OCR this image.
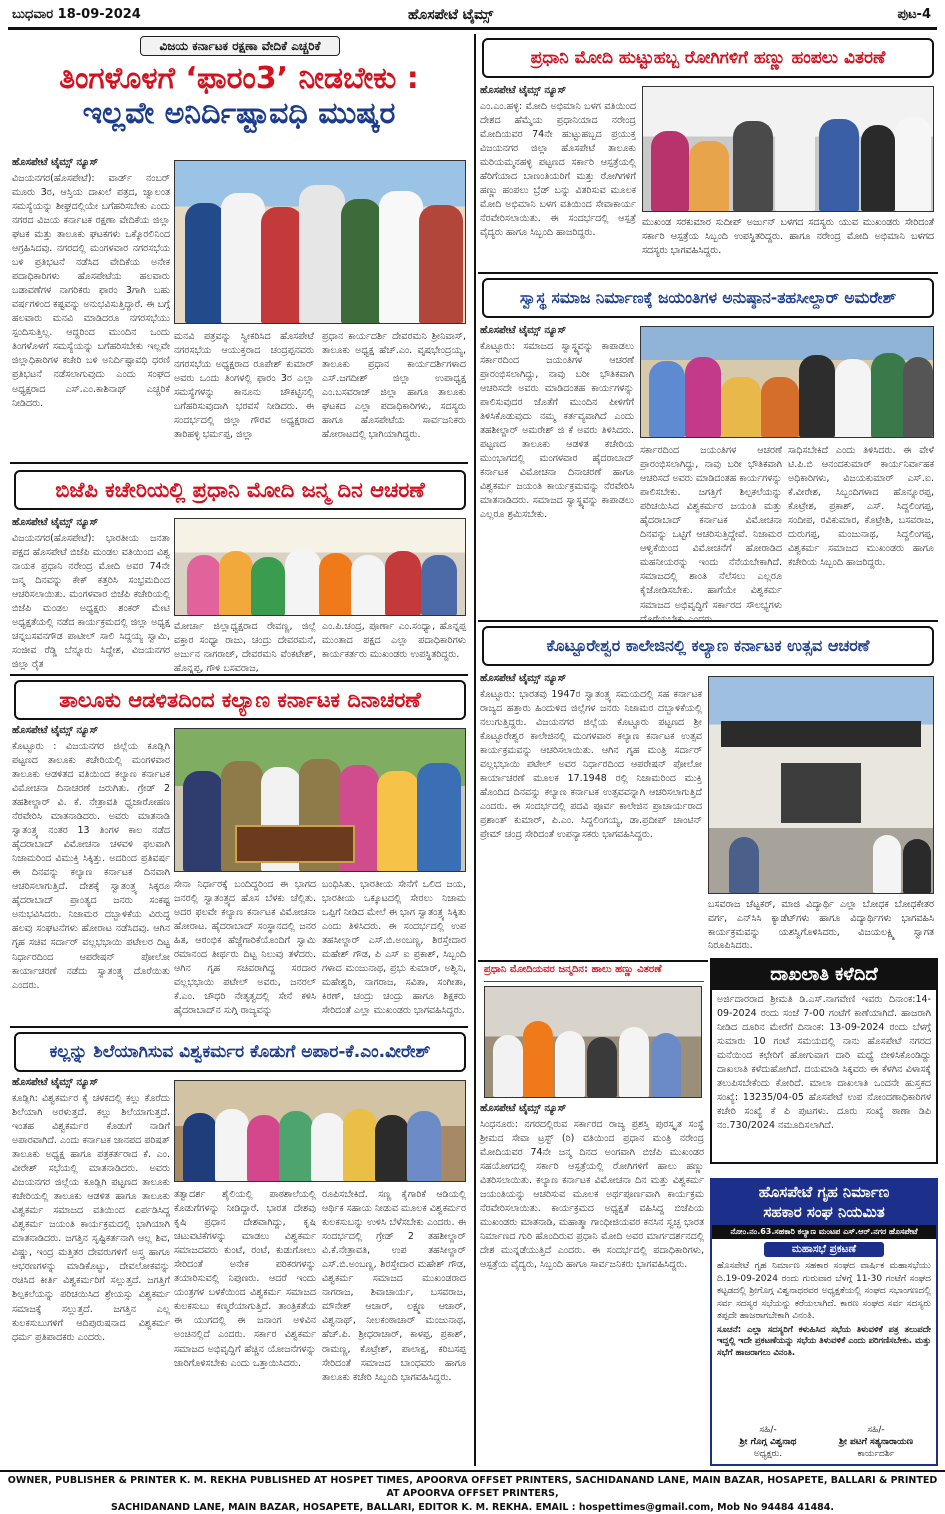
ಬುಧವಾರ 18-09-2024	ಹೊಸಪೇಟೆ ಟೈಮ್ಸ್	ಪುಟ-4
ವಿಜಯ ಕರ್ನಾಟಕ ರಕ್ಷಣಾ ವೇದಿಕೆ ಎಚ್ಚರಿಕೆ
ತಿಂಗಳೊಳಗೆ ‘ಫಾರಂ3’ ನೀಡಬೇಕು :
ಇಲ್ಲವೇ ಅನಿರ್ದಿಷ್ಟಾವಧಿ ಮುಷ್ಕರ
ಹೊಸಪೇಟೆ ಟೈಮ್ಸ್ ನ್ಯೂಸ್
ವಿಜಯನಗರ(ಹೊಸಪೇಟೆ): ವಾರ್ಡ್ ನಂಬರ್ ಮೂರು 3ರ, ಆಸ್ತಿಯ ದಾಖಲೆ ಪತ್ರದ, ಜ್ವಾಲಂತ ಸಮಸ್ಯೆಯನ್ನು ಶೀಘ್ರದಲ್ಲಿಯೇ ಬಗೆಹರಿಸಬೇಕು ಎಂದು ನಗರದ ವಿಜಯ ಕರ್ನಾಟಕ ರಕ್ಷಣಾ ವೇದಿಕೆಯ ಜಿಲ್ಲಾ ಘಟಕ ಮತ್ತು ತಾಲೂಕು ಘಟಕಗಳು ಒಕ್ಕೊರಲಿನಿಂದ ಆಗ್ರಹಿಸಿದವು. ನಗರದಲ್ಲಿ ಮಂಗಳವಾರ ನಗರಸಭೆಯ ಬಳಿ ಪ್ರತಿಭಟನೆ ನಡೆಸಿದ ವೇದಿಕೆಯ ಅನೇಕ ಪದಾಧಿಕಾರಿಗಳು ಹೊಸಪೇಟೆಯ ಹಲವಾರು ಬಡಾವಣೆಗಳ ನಾಗರಿಕರು ಫಾರಂ 3ಗಾಗಿ ಬಹು ವರ್ಷಗಳಿಂದ ಕಷ್ಟವನ್ನು ಅನುಭವಿಸುತ್ತಿದ್ದಾರೆ. ಈ ಬಗ್ಗೆ ಹಲವಾರು ಮನವಿ ಮಾಡಿದರೂ ನಗರಸಭೆಯು ಸ್ಪಂದಿಸುತ್ತಿಲ್ಲ. ಆದ್ದರಿಂದ ಮುಂದಿನ ಒಂದು ತಿಂಗಳೊಳಗೆ ಸಮಸ್ಯೆಯನ್ನು ಬಗೆಹರಿಸಬೇಕು ಇಲ್ಲವೇ ಜಿಲ್ಲಾಧಿಕಾರಿಗಳ ಕಚೇರಿ ಬಳಿ ಅನಿರ್ದಿಷ್ಟಾವಧಿ ಧರಣಿ ಪ್ರತಿಭಟನೆ ನಡೆಸಲಾಗುವುದು ಎಂದು ಸಂಘದ ಅಧ್ಯಕ್ಷರಾದ ಎಸ್.ಎಂ.ಕಾಶಿನಾಥ್ ಎಚ್ಚರಿಕೆ ನೀಡಿದರು.
ಮನವಿ ಪತ್ರವನ್ನು ಸ್ವೀಕರಿಸಿದ ಹೊಸಪೇಟೆ ನಗರಸಭೆಯ ಆಯುಕ್ತರಾದ ಚಂದ್ರಪ್ಪನವರು ನಗರಸಭೆಯ ಅಧ್ಯಕ್ಷರಾದ ರೂಪೇಶ್ ಕುಮಾರ್ ಅವರು ಒಂದು ತಿಂಗಳಲ್ಲಿ ಫಾರಂ 3ರ ಎಲ್ಲಾ ಸಮಸ್ಯೆಗಳನ್ನು ಕಾನೂನು ಚೌಕಟ್ಟಿನಲ್ಲಿ ಬಗೆಹರಿಸುವುದಾಗಿ ಭರವಸೆ ನೀಡಿದರು. ಈ ಸಂದರ್ಭದಲ್ಲಿ ಜಿಲ್ಲಾ ಗೌರವ ಅಧ್ಯಕ್ಷರಾದ ತಾರಿಹಳ್ಳಿ ಭರ್ಮಪ್ಪ, ಜಿಲ್ಲಾ
ಪ್ರಧಾನ ಕಾರ್ಯದರ್ಶಿ ದೇವರಮನಿ ಶ್ರೀನಿವಾಸ್, ತಾಲೂಕು ಅಧ್ಯಕ್ಷ ಹೆಚ್.ಎಂ. ವೃಷಭೇಂದ್ರಯ್ಯ, ತಾಲೂಕು ಪ್ರಧಾನ ಕಾರ್ಯದರ್ಶಿಗಳಾದ ಎಸ್.ಜಗದೀಶ್ ಜಿಲ್ಲಾ ಉಪಾಧ್ಯಕ್ಷ ಎಂ.ಬಸವರಾಜ್ ಜಿಲ್ಲಾ ಹಾಗೂ ತಾಲೂಕು ಘಟಕದ ಎಲ್ಲಾ ಪದಾಧಿಕಾರಿಗಳು, ಸದಸ್ಯರು ಹಾಗೂ ಹೊಸಪೇಟೆಯ ಸಾರ್ವಜನಿಕರು ಹೋರಾಟದಲ್ಲಿ ಭಾಗಿಯಾಗಿದ್ದರು.
ಬಿಜೆಪಿ ಕಚೇರಿಯಲ್ಲಿ ಪ್ರಧಾನಿ ಮೋದಿ ಜನ್ಮ ದಿನ ಆಚರಣೆ
ಹೊಸಪೇಟೆ ಟೈಮ್ಸ್ ನ್ಯೂಸ್
ವಿಜಯನಗರ(ಹೊಸಪೇಟೆ): ಭಾರತೀಯ ಜನತಾ ಪಕ್ಷದ ಹೊಸಪೇಟೆ ಬಿಜೆಪಿ ಮಂಡಲ ವತಿಯಿಂದ ವಿಶ್ವ ನಾಯಕ ಪ್ರಧಾನಿ ನರೇಂದ್ರ ಮೋದಿ ಅವರ 74ನೇ ಜನ್ಮ ದಿನವನ್ನು ಕೇಕ್ ಕತ್ತರಿಸಿ ಸಂಭ್ರಮದಿಂದ ಆಚರಿಸಲಾಯಿತು. ಮಂಗಳವಾರ ಬಿಜೆಪಿ ಕಚೇರಿಯಲ್ಲಿ ಬಿಜೆಪಿ ಮಂಡಲ ಅಧ್ಯಕ್ಷರು ಶಂಕರ್ ಮೇಟಿ ಅಧ್ಯಕ್ಷತೆಯಲ್ಲಿ ನಡೆದ ಕಾರ್ಯಕ್ರಮದಲ್ಲಿ ಜಿಲ್ಲಾ ಅಧ್ಯಕ್ಷ ಚನ್ನಬಸವನಗೌಡ ಪಾಟೀಲ್ ಸಾಲಿ ಸಿದ್ದಯ್ಯ ಸ್ವಾಮಿ, ಸಂಜೀವ ರೆಡ್ಡಿ ಬೆನ್ನೂರು ಸಿದ್ದೇಶ, ವಿಜಯನಗರ ಜಿಲ್ಲಾ ರೈತ
ಮೋರ್ಚಾ ಜಿಲ್ಲಾಧ್ಯಕ್ಷರಾದ ರೇವಣ್ಣ, ಜಿಲ್ಲೆ ವಕ್ತಾರ ಸಂಧ್ಯಾ ರಾಜು, ಚಂದ್ರು ದೇವರಮನೆ, ಅರ್ಜುನ ನಾಗರಾಜ್, ದೇವರಮನಿ ವೆಂಕಟೇಶ್, ಹೊನ್ನಪ್ಪ, ಗೌಳಿ ಬಸವರಾಜ,
ಎಂ.ಪಿ.ಚಂದ್ರ, ಪೂರ್ಣಾ ಎಂ.ಸಂಧ್ಯಾ, ಹೊನ್ನಪ್ಪ ಮುಂತಾದ ಪಕ್ಷದ ಎಲ್ಲಾ ಪದಾಧಿಕಾರಿಗಳು ಕಾರ್ಯಕರ್ತರು ಮುಖಂಡರು ಉಪಸ್ಥಿತರಿದ್ದರು.
ತಾಲೂಕು ಆಡಳಿತದಿಂದ ಕಲ್ಯಾಣ ಕರ್ನಾಟಕ ದಿನಾಚರಣೆ
ಹೊಸಪೇಟೆ ಟೈಮ್ಸ್ ನ್ಯೂಸ್
ಕೊಟ್ಟೂರು : ವಿಜಯನಗರ ಜಿಲ್ಲೆಯ ಕೂಡ್ಲಿಗಿ ಪಟ್ಟಣದ ತಾಲೂಕು ಕಚೇರಿಯಲ್ಲಿ ಮಂಗಳವಾರ ತಾಲೂಕು ಆಡಳಿತದ ವತಿಯಿಂದ ಕಲ್ಯಾಣ ಕರ್ನಾಟಕ ವಿಮೋಚನಾ ದಿನಾಚರಣೆ ಜರುಗಿತು. ಗ್ರೇಡ್ 2 ತಹಶೀಲ್ದಾರ್ ವಿ. ಕೆ. ನೇತ್ರಾವತಿ ಧ್ವಜಾರೋಹಣ ನೆರವೇರಿಸಿ ಮಾತನಾಡಿದರು. ಅವರು ಮಾತನಾಡಿ ಸ್ವಾತಂತ್ರ್ಯ ನಂತರ 13 ತಿಂಗಳ ಕಾಲ ನಡೆದ ಹೈದರಾಬಾದ್ ವಿಮೋಚನಾ ಚಳವಳಿ ಫಲವಾಗಿ ನಿಜಾಮರಿಂದ ವಿಮುಕ್ತಿ ಸಿಕ್ಕಿತ್ತು. ಅದರಿಂದ ಪ್ರತಿವರ್ಷ ಈ ದಿನವನ್ನು ಕಲ್ಯಾಣ ಕರ್ನಾಟಕ ದಿನವಾಗಿ ಆಚರಿಸಲಾಗುತ್ತಿದೆ. ದೇಶಕ್ಕೆ ಸ್ವಾತಂತ್ರ್ಯ ಸಿಕ್ಕರೂ ಹೈದರಾಬಾದ್ ಪ್ರಾಂತ್ಯದ ಜನರು ಸಂಕಷ್ಟ ಅನುಭವಿಸಿದರು. ನಿಜಾಮರ ದಬ್ಬಾಳಿಕೆಯ ವಿರುದ್ಧ ಹಲವು ಸಂಘಟನೆಗಳು ಹೋರಾಟ ನಡೆಸಿದವು. ಆಗಿನ ಗೃಹ ಸಚಿವ ಸರ್ದಾರ್ ವಲ್ಲಭಭಾಯಿ ಪಟೇಲರ ದಿಟ್ಟ ನಿರ್ಧಾರದಿಂದ ಆಪರೇಷನ್ ಪೋಲೋ ಕಾರ್ಯಾಚರಣೆ ನಡೆದು ಸ್ವಾತಂತ್ರ್ಯ ದೊರೆಯಿತು ಎಂದರು.
ಸೇನಾ ನಿರ್ಧಾರಕ್ಕೆ ಬಂದಿದ್ದರಿಂದ ಈ ಭಾಗದ ಜನರಲ್ಲಿ ಸ್ವಾತಂತ್ರ್ಯದ ಹೊಸ ಬೆಳಕು ಚೆಲ್ಲಿತು. ಅದರ ಫಲವೇ ಕಲ್ಯಾಣ ಕರ್ನಾಟಕ ವಿಮೋಚನಾ ಹೋರಾಟ. ಹೈದರಾಬಾದ್ ಸಂಸ್ಥಾನದಲ್ಲಿ ಜನರ ಹಿತ, ಆರಂಭಿಕ ಹೆಜ್ಜೆಗಾರಿಕೆಯೊಂದಿಗೆ ಸ್ವಾಮಿ ರಮಾನಂದ ತೀರ್ಥರು ದಿಟ್ಟ ನಿಲುವು ತಳೆದರು. ಆಗಿನ ಗೃಹ ಸಚಿವರಾಗಿದ್ದ ಸರದಾರ ವಲ್ಲಭಭಾಯಿ ಪಟೇಲ್ ಅವರು, ಜನರಲ್ ಕೆ.ಎಂ. ಚೌಧರಿ ನೇತೃತ್ವದಲ್ಲಿ ಸೇನೆ ಕಳಿಸಿ ಹೈದರಾಬಾದ್‌ನ ಸುಗ್ಗಿ ರಾಜ್ಯವನ್ನು
ಬಂಧಿಸಿತು. ಭಾರತೀಯ ಸೇನೆಗೆ ಒಲಿದ ಜಯ, ಭಾರತೀಯ ಒಕ್ಕೂಟದಲ್ಲಿ ಸೇರಲು ನಿಜಾಮ ಒಪ್ಪಿಗೆ ನೀಡಿದ ಮೇಲೆ ಈ ಭಾಗ ಸ್ವಾತಂತ್ರ್ಯ ಸಿಕ್ಕಿತು ಎಂದು ತಿಳಿಸಿದರು. ಈ ಸಂದರ್ಭದಲ್ಲಿ ಉಪ ತಹಸೀಲ್ದಾರ್ ಎಸ್.ಬಿ.ಅಂಬಣ್ಣ, ಶಿರಸ್ತೇದಾರ ಮಹೇಶ್ ಗೌಡ, ಪಿ ಎಸ್ ಐ ಪ್ರಕಾಶ್, ಸಿಬ್ಬಂದಿ ಗಳಾದ ಮಂಜುನಾಥ, ಪ್ರಭು ಕುಮಾರ್, ಅಶ್ವಿನಿ, ಮಹೇಶ್ವರಿ, ನಾಗರಾಜ, ಸವಿತಾ, ಸಂಗೀತಾ, ಕಿರಣ್, ಚಂದ್ರು ಚಂದ್ರು ಹಾಗೂ ಶಿಕ್ಷಕರು ಸೇರಿದಂತೆ ಎಲ್ಲಾ ಮುಖಂಡರು ಭಾಗವಹಿಸಿದ್ದರು.
ಕಲ್ಲನ್ನು ಶಿಲೆಯಾಗಿಸುವ ವಿಶ್ವಕರ್ಮರ ಕೊಡುಗೆ ಅಪಾರ-ಕೆ.ಎಂ.ವೀರೇಶ್
ಹೊಸಪೇಟೆ ಟೈಮ್ಸ್ ನ್ಯೂಸ್
ಕೂಡ್ಲಿಗಿ: ವಿಶ್ವಕರ್ಮರ ಕೈ ಚಳಕದಲ್ಲಿ ಕಲ್ಲು ಕೊರೆದು ಶಿಲೆಯಾಗಿ ಅರಳುತ್ತದೆ. ಕಲ್ಲು ಶಿಲೆಯಾಗುತ್ತದೆ. ಇಂತಹ ವಿಶ್ವಕರ್ಮರ ಕೊಡುಗೆ ನಾಡಿಗೆ ಅಪಾರವಾಗಿದೆ. ಎಂದು ಕರ್ನಾಟಕ ಜಾನಪದ ಪರಿಷತ್ ತಾಲೂಕು ಅಧ್ಯಕ್ಷ ಹಾಗೂ ಪತ್ರಕರ್ತರಾದ ಕೆ. ಎಂ. ವೀರೇಶ್ ಸಭೆಯಲ್ಲಿ ಮಾತನಾಡಿದರು. ಅವರು ವಿಜಯನಗರ ಜಿಲ್ಲೆಯ ಕೂಡ್ಲಿಗಿ ಪಟ್ಟಣದ ತಾಲೂಕು ಕಚೇರಿಯಲ್ಲಿ ತಾಲೂಕು ಆಡಳಿತ ಹಾಗೂ ತಾಲೂಕು ವಿಶ್ವಕರ್ಮ ಸಮಾಜದ ವತಿಯಿಂದ ಏರ್ಪಡಿಸಿದ್ದ ವಿಶ್ವಕರ್ಮ ಜಯಂತಿ ಕಾರ್ಯಕ್ರಮದಲ್ಲಿ ಭಾಗಿಯಾಗಿ ಮಾತನಾಡಿದರು. ಜಗತ್ತಿನ ಸೃಷ್ಟಿಕರ್ತನಾಗಿ ಆಲ್ಲ ಶಿವ, ವಿಷ್ಣು, ಇಂದ್ರ ಮತ್ತಿತರ ದೇವರುಗಳಿಗೆ ಅಸ್ತ್ರ ಹಾಗೂ ಆಭರಣಗಳನ್ನು ಮಾಡಿಕೊಟ್ಟು, ದೇವಲೋಕವನ್ನು ರಚಿಸಿದ ಕೀರ್ತಿ ವಿಶ್ವಕರ್ಮರಿಗೆ ಸಲ್ಲುತ್ತದೆ. ಜಗತ್ತಿಗೆ ಶಿಲ್ಪಕಲೆಯನ್ನು ಪರಿಚಯಿಸಿದ ಶ್ರೇಯಸ್ಸು ವಿಶ್ವಕರ್ಮ ಸಮಾಜಕ್ಕೆ ಸಲ್ಲುತ್ತದೆ. ಜಗತ್ತಿನ ಎಲ್ಲ ಕುಲಕಸುಬುಗಳಿಗೆ ಆದಿಪುರುಷನಾದ ವಿಶ್ವಕರ್ಮ ಧರ್ಮ ಪ್ರತಿಪಾದಕರು ಎಂದರು.
ತತ್ವಾದರ್ಶ ಶೈಲಿಯಲ್ಲಿ ಪಾಠಶಾಲೆಯಲ್ಲಿ ಕೊಡುಗೆಗಳನ್ನು ನೀಡಿದ್ದಾರೆ. ಭಾರತ ದೇಶವು ಕೃಷಿ ಪ್ರಧಾನ ದೇಶವಾಗಿದ್ದು, ಕೃಷಿ ಚಟುವಟಿಕೆಗಳನ್ನು ಮಾಡಲು ವಿಶ್ವಕರ್ಮ ಸಮಾಜದವರು ಕುಂಟೆ, ರಂಟೆ, ಕುಡುಗೋಲು ಸೇರಿದಂತೆ ಅನೇಕ ಪರಿಕರಗಳನ್ನು ತಯಾರಿಸುವಲ್ಲಿ ನಿಪುಣರು. ಆದರೆ ಇಂದು ಯಂತ್ರಗಳ ಬಳಕೆಯಿಂದ ವಿಶ್ವಕರ್ಮ ಸಮಾಜದ ಕುಲಕಸುಬು ಕಣ್ಮರೆಯಾಗುತ್ತಿದೆ. ತಾಂತ್ರಿಕತೆಯ ಈ ಯುಗದಲ್ಲಿ ಈ ಜನಾಂಗ ಅಳಿವಿನ ಅಂಚಿನಲ್ಲಿದೆ ಎಂದರು. ಸರ್ಕಾರ ವಿಶ್ವಕರ್ಮ ಸಮಾಜದ ಅಭಿವೃದ್ಧಿಗೆ ಹೆಚ್ಚಿನ ಯೋಜನೆಗಳನ್ನು ಜಾರಿಗೊಳಿಸಬೇಕು ಎಂದು ಒತ್ತಾಯಿಸಿದರು.
ರೂಪಿಸಬೇಕಿದೆ. ಸಣ್ಣ ಕೈಗಾರಿಕೆ ಆಡಿಯಲ್ಲಿ ಆರ್ಥಿಕ ಸಹಾಯ ನೀಡುವ ಮೂಲಕ ವಿಶ್ವಕರ್ಮರ ಕುಲಕಸುಬನ್ನು ಉಳಿಸಿ ಬೆಳೆಸಬೇಕು ಎಂದರು. ಈ ಸಂದರ್ಭದಲ್ಲಿ ಗ್ರೇಡ್ 2 ತಹಶೀಲ್ದಾರ್ ವಿ.ಕೆ.ನೇತ್ರಾವತಿ, ಉಪ ತಹಸೀಲ್ದಾರ್ ಎಸ್.ಬಿ.ಅಂಬಣ್ಣ, ಶಿರಸ್ತೇದಾರ ಮಹೇಶ್ ಗೌಡ, ವಿಶ್ವಕರ್ಮ ಸಮಾಜದ ಮುಖಂಡರಾದ ನಾಗರಾಜ, ಶಿವಾಚಾರ್ಯ, ಬಸವರಾಜ, ಮೌನೇಶ್ ಆಚಾರ್, ಲಕ್ಷ್ಮಣ ಆಚಾರ್, ವಿಶ್ವನಾಥ್, ನೀಲಕಂಠಾಚಾರ್ ಮಂಜುನಾಥ, ಹೆಚ್.ಪಿ. ಶ್ರೀಧರಾಚಾರ್, ಕಾಳಪ್ಪ, ಪ್ರಕಾಶ್, ರಾಮಣ್ಣ, ಕೊಟ್ರೇಶ್, ಪಾಲಾಕ್ಷ, ಕರಿಬಸಪ್ಪ ಸೇರಿದಂತೆ ಸಮಾಜದ ಬಾಂಧವರು ಹಾಗೂ ತಾಲೂಕು ಕಚೇರಿ ಸಿಬ್ಬಂದಿ ಭಾಗವಹಿಸಿದ್ದರು.
ಪ್ರಧಾನಿ ಮೋದಿ ಹುಟ್ಟುಹಬ್ಬ ರೋಗಿಗಳಿಗೆ ಹಣ್ಣು ಹಂಪಲು ವಿತರಣೆ
ಹೊಸಪೇಟೆ ಟೈಮ್ಸ್ ನ್ಯೂಸ್
ಎಂ.ಎಂ.ಹಳ್ಳಿ: ಮೋದಿ ಅಭಿಮಾನಿ ಬಳಗ ವತಿಯಿಂದ ದೇಶದ ಹೆಮ್ಮೆಯ ಪ್ರಧಾನಿಯಾದ ನರೇಂದ್ರ ಮೋದಿಯವರ 74ನೇ ಹುಟ್ಟುಹಬ್ಬದ ಪ್ರಯುಕ್ತ ವಿಜಯನಗರ ಜಿಲ್ಲಾ ಹೊಸಪೇಟೆ ತಾಲೂಕು ಮರಿಯಮ್ಮನಹಳ್ಳಿ ಪಟ್ಟಣದ ಸರ್ಕಾರಿ ಆಸ್ಪತ್ರೆಯಲ್ಲಿ ಹೆರಿಗೆಯಾದ ಬಾಣಂತಿಯರಿಗೆ ಮತ್ತು ರೋಗಿಗಳಿಗೆ ಹಣ್ಣು ಹಂಪಲು ಬ್ರೆಡ್ ಬನ್ನು ವಿತರಿಸುವ ಮೂಲಕ ಮೋದಿ ಅಭಿಮಾನಿ ಬಳಗ ವತಿಯಿಂದ ಸೇವಾಕಾರ್ಯ ನೆರವೇರಿಸಲಾಯಿತು. ಈ ಸಂದರ್ಭದಲ್ಲಿ ಆಸ್ಪತ್ರೆ ವೈದ್ಯರು ಹಾಗೂ ಸಿಬ್ಬಂದಿ ಹಾಜರಿದ್ದರು.
ಮುಖಂಡ ಸರಕುಮಾರ ಸುದೀಪ್ ಅರ್ಜುನ್ ಬಳಗದ ಸದಸ್ಯರು ಯುವ ಮುಖಂಡರು ಸೇರಿದಂತೆ ಸರ್ಕಾರಿ ಆಸ್ಪತ್ರೆಯ ಸಿಬ್ಬಂದಿ ಉಪಸ್ಥಿತರಿದ್ದರು. ಹಾಗೂ ನರೇಂದ್ರ ಮೋದಿ ಅಭಿಮಾನಿ ಬಳಗದ ಸದಸ್ಯರು ಭಾಗವಹಿಸಿದ್ದರು.
ಸ್ವಾಸ್ಥ ಸಮಾಜ ನಿರ್ಮಾಣಕ್ಕೆ ಜಯಂತಿಗಳ ಅನುಷ್ಠಾನ-ತಹಸೀಲ್ದಾರ್ ಅಮರೇಶ್
ಹೊಸಪೇಟೆ ಟೈಮ್ಸ್ ನ್ಯೂಸ್
ಕೊಟ್ಟೂರು: ಸಮಾಜದ ಸ್ವಾಸ್ಥ್ಯವನ್ನು ಕಾಪಾಡಲು ಸರ್ಕಾರದಿಂದ ಜಯಂತಿಗಳ ಆಚರಣೆ ಪ್ರಾರಂಭಿಸಲಾಗಿದ್ದು, ನಾವು ಬರೀ ಭೌತಿಕವಾಗಿ ಆಚರಿಸದೇ ಅವರು ಮಾಡಿದಂತಹ ಕಾರ್ಯಗಳನ್ನು ಪಾಲಿಸುವುದರ ಜೊತೆಗೆ ಮುಂದಿನ ಪೀಳಿಗೆಗೆ ತಿಳಿಸಿಕೊಡುವುದು ನಮ್ಮ ಕರ್ತವ್ಯವಾಗಿದೆ ಎಂದು ತಹಶೀಲ್ದಾರ್ ಅಮರೇಶ್ ಜಿ ಕೆ ಅವರು ತಿಳಿಸಿದರು. ಪಟ್ಟಣದ ತಾಲೂಕು ಆಡಳಿತ ಕಚೇರಿಯ ಮುಂಭಾಗದಲ್ಲಿ ಮಂಗಳವಾರ ಹೈದರಾಬಾದ್ ಕರ್ನಾಟಕ ವಿಮೋಚನಾ ದಿನಾಚರಣೆ ಹಾಗೂ ವಿಶ್ವಕರ್ಮ ಜಯಂತಿ ಕಾರ್ಯಕ್ರಮವನ್ನು ನೆರವೇರಿಸಿ ಮಾತನಾಡಿದರು. ಸಮಾಜದ ಸ್ವಾಸ್ಥ್ಯವನ್ನು ಕಾಪಾಡಲು ಎಲ್ಲರೂ ಶ್ರಮಿಸಬೇಕು.
ಸರ್ಕಾರದಿಂದ ಜಯಂತಿಗಳ ಆಚರಣೆ ಪ್ರಾರಂಭಿಸಲಾಗಿದ್ದು, ನಾವು ಬರೀ ಭೌತಿಕವಾಗಿ ಆಚರಿಸದೆ ಅವರು ಮಾಡಿದಂತಹ ಕಾರ್ಯಗಳನ್ನು ಪಾಲಿಸಬೇಕು. ಜಗತ್ತಿಗೆ ಶಿಲ್ಪಕಲೆಯನ್ನು ಪರಿಚಯಿಸಿದ ವಿಶ್ವಕರ್ಮರ ಜಯಂತಿ ಮತ್ತು ಹೈದರಾಬಾದ್ ಕರ್ನಾಟಕ ವಿಮೋಚನಾ ದಿನವನ್ನು ಒಟ್ಟಿಗೆ ಆಚರಿಸುತ್ತಿದ್ದೇವೆ. ನಿಜಾಮರ ಆಳ್ವಿಕೆಯಿಂದ ವಿಮೋಚನೆಗೆ ಹೋರಾಡಿದ ಮಹನೀಯರನ್ನು ಇಂದು ನೆನೆಯಬೇಕಾಗಿದೆ. ಸಮಾಜದಲ್ಲಿ ಶಾಂತಿ ನೆಲೆಸಲು ಎಲ್ಲರೂ ಕೈಜೋಡಿಸಬೇಕು. ಹಾಗೆಯೇ ವಿಶ್ವಕರ್ಮ ಸಮಾಜದ ಅಭಿವೃದ್ಧಿಗೆ ಸರ್ಕಾರದ ಸೌಲಭ್ಯಗಳು
ಸಾಧಿಸಬೇಕಿದೆ ಎಂದು ತಿಳಿಸಿದರು. ಈ ವೇಳೆ ಟಿ.ಪಿ.ಬಿ ಆನಂದಕುಮಾರ್ ಕಾರ್ಯನಿರ್ವಾಹಕ ಅಧಿಕಾರಿಗಳು, ವಿಜಯಕುಮಾರ್ ಎಸ್.ಐ. ಕೆ.ವೀರೇಶ, ಸಿಬ್ಬಂದಿಗಳಾದ ಹೊನ್ನೂರಪ್ಪ, ಕೊಟ್ರೇಶ, ಪ್ರಕಾಶ್, ಎಸ್. ಸಿದ್ದಲಿಂಗಪ್ಪ, ಸಂದೀಪ, ರವಿಕುಮಾರ, ಕೊಟ್ರೇಶಿ, ಬಸವರಾಜ, ದುರುಗಪ್ಪ, ಮಂಜುನಾಥ, ಸಿದ್ದಲಿಂಗಪ್ಪ, ವಿಶ್ವಕರ್ಮ ಸಮಾಜದ ಮುಖಂಡರು ಹಾಗೂ ಕಚೇರಿಯ ಸಿಬ್ಬಂದಿ ಹಾಜರಿದ್ದರು.
ಕೊಟ್ಟೂರೇಶ್ವರ ಕಾಲೇಜಿನಲ್ಲಿ ಕಲ್ಯಾಣ ಕರ್ನಾಟಕ ಉತ್ಸವ ಆಚರಣೆ
ಹೊಸಪೇಟೆ ಟೈಮ್ಸ್ ನ್ಯೂಸ್
ಕೊಟ್ಟೂರು: ಭಾರತವು 1947ರ ಸ್ವಾತಂತ್ರ್ಯ ಸಮಯದಲ್ಲಿ ಸಹ ಕರ್ನಾಟಕ ರಾಜ್ಯದ ಹತ್ತಾರು ಹಿಂದುಳಿದ ಜಿಲ್ಲೆಗಳ ಜನರು ನಿಜಾಮರ ದಬ್ಬಾಳಿಕೆಯಲ್ಲಿ ನಲುಗುತ್ತಿದ್ದರು. ವಿಜಯನಗರ ಜಿಲ್ಲೆಯ ಕೊಟ್ಟೂರು ಪಟ್ಟಣದ ಶ್ರೀ ಕೊಟ್ಟೂರೇಶ್ವರ ಕಾಲೇಜಿನಲ್ಲಿ ಮಂಗಳವಾರ ಕಲ್ಯಾಣ ಕರ್ನಾಟಕ ಉತ್ಸವ ಕಾರ್ಯಕ್ರಮವನ್ನು ಆಚರಿಸಲಾಯಿತು. ಆಗಿನ ಗೃಹ ಮಂತ್ರಿ ಸರ್ದಾರ್ ವಲ್ಲಭಭಾಯಿ ಪಟೇಲ್ ಅವರ ನಿರ್ಧಾರದಿಂದ ಆಪರೇಷನ್ ಪೋಲೋ ಕಾರ್ಯಾಚರಣೆ ಮೂಲಕ 17.1948 ರಲ್ಲಿ ನಿಜಾಮರಿಂದ ಮುಕ್ತಿ ಹೊಂದಿದ ದಿನವನ್ನು ಕಲ್ಯಾಣ ಕರ್ನಾಟಕ ಉತ್ಸವವನ್ನಾಗಿ ಆಚರಿಸಲಾಗುತ್ತಿದೆ ಎಂದರು. ಈ ಸಂದರ್ಭದಲ್ಲಿ ಪದವಿ ಪೂರ್ವ ಕಾಲೇಜಿನ ಪ್ರಾಚಾರ್ಯರಾದ ಪ್ರಶಾಂತ್ ಕುಮಾರ್, ಪಿ.ಎಂ. ಸಿದ್ದಲಿಂಗಯ್ಯ, ಡಾ.ಪ್ರದೀಪ್ ಚಾಂಟಿನ್ ಪ್ರೇಮ್ ಚಂದ್ರ ಸೇರಿದಂತೆ ಉಪನ್ಯಾಸಕರು ಭಾಗವಹಿಸಿದ್ದರು.
ಬಸವರಾಜ ಚೆಟ್ಟಕರ್, ಮಾಜಿ ವಿದ್ಯಾರ್ಥಿ ಎಲ್ಲಾ ಬೋಧಕ ಬೋಧಕೇತರ ವರ್ಗ, ಎನ್‌ಸಿಸಿ ಕ್ಯಾಡೆಟ್‌ಗಳು ಹಾಗೂ ವಿದ್ಯಾರ್ಥಿಗಳು ಭಾಗವಹಿಸಿ ಕಾರ್ಯಕ್ರಮವನ್ನು ಯಶಸ್ವಿಗೊಳಿಸಿದರು, ವಿಜಯಲಕ್ಷ್ಮಿ ಸ್ವಾಗತ ನಿರೂಪಿಸಿದರು.
ಪ್ರಧಾನಿ ಮೋದಿಯವರ ಜನ್ಮದಿನ: ಹಾಲು ಹಣ್ಣು ವಿತರಣೆ
ಹೊಸಪೇಟೆ ಟೈಮ್ಸ್ ನ್ಯೂಸ್
ಸಿಂಧನೂರು: ನಗರದಲ್ಲಿರುವ ಸರ್ಕಾರದ ರಾಜ್ಯ ಪ್ರಶಸ್ತಿ ಪುರಸ್ಕೃತ ಸಂಸ್ಥೆ ಶ್ರೀಮದ ಸೇವಾ ಟ್ರಸ್ಟ್ (ರಿ) ವತಿಯಿಂದ ಪ್ರಧಾನ ಮಂತ್ರಿ ನರೇಂದ್ರ ಮೋದಿಯವರ 74ನೇ ಜನ್ಮ ದಿನದ ಅಂಗವಾಗಿ ಬಿಜೆಪಿ ಮುಖಂಡರ ಸಹಯೋಗದಲ್ಲಿ ಸರ್ಕಾರಿ ಆಸ್ಪತ್ರೆಯಲ್ಲಿ ರೋಗಿಗಳಿಗೆ ಹಾಲು ಹಣ್ಣು ವಿತರಿಸಲಾಯಿತು. ಕಲ್ಯಾಣ ಕರ್ನಾಟಕ ವಿಮೋಚನಾ ದಿನ ಮತ್ತು ವಿಶ್ವಕರ್ಮ ಜಯಂತಿಯನ್ನು ಆಚರಿಸುವ ಮೂಲಕ ಅರ್ಥಪೂರ್ಣವಾಗಿ ಕಾರ್ಯಕ್ರಮ ನೆರವೇರಿಸಲಾಯಿತು. ಕಾರ್ಯಕ್ರಮದ ಅಧ್ಯಕ್ಷತೆ ವಹಿಸಿದ್ದ ಬಿಜೆಪಿಯ ಮುಖಂಡರು ಮಾತನಾಡಿ, ಮಹಾತ್ಮಾ ಗಾಂಧೀಜಿಯವರ ಕನಸಿನ ಸ್ವಚ್ಛ ಭಾರತ ನಿರ್ಮಾಣದ ಗುರಿ ಹೊಂದಿರುವ ಪ್ರಧಾನಿ ಮೋದಿ ಅವರ ಮಾರ್ಗದರ್ಶನದಲ್ಲಿ ದೇಶ ಮುನ್ನಡೆಯುತ್ತಿದೆ ಎಂದರು. ಈ ಸಂದರ್ಭದಲ್ಲಿ ಪದಾಧಿಕಾರಿಗಳು, ಆಸ್ಪತ್ರೆಯ ವೈದ್ಯರು, ಸಿಬ್ಬಂದಿ ಹಾಗೂ ಸಾರ್ವಜನಿಕರು ಭಾಗವಹಿಸಿದ್ದರು.
ದಾಖಲಾತಿ ಕಳೆದಿದೆ
ಅರ್ಜಿದಾರರಾದ ಶ್ರೀಮತಿ ಡಿ.ಎಸ್.ನಾಗವೇಣಿ ಇವರು ದಿನಾಂಕ:14-09-2024 ರಂದು ಸಂಜೆ 7-00 ಗಂಟೆಗೆ ಕಾಣೆಯಾಗಿದೆ. ಹಾಜರಾಗಿ ನೀಡಿದ ದೂರಿನ ಮೇರೆಗೆ ದಿನಾಂಕ: 13-09-2024 ರಂದು ಬೆಳಗ್ಗೆ ಸುಮಾರು 10 ಗಂಟೆ ಸಮಯದಲ್ಲಿ ನಾನು ಹೊಸಪೇಟೆ ನಗರದ ಮನೆಯಿಂದ ಕಛೇರಿಗೆ ಹೋಗುವಾಗ ದಾರಿ ಮಧ್ಯೆ ಬೀಳಿಸಿಕೊಂಡಿದ್ದು ದಾಖಲಾತಿ ಕಳೆದುಹೋಗಿದೆ. ದಯಮಾಡಿ ಸಿಕ್ಕವರು ಈ ಕೆಳಗಿನ ವಿಳಾಸಕ್ಕೆ ತಲುಪಿಸಬೇಕೆಂದು ಕೋರಿದೆ. ಮಾಲಾ ದಾಖಲಾತಿ ಒಂದನೇ ಹುಸ್ತಕದ ಸಂಖ್ಯೆ: 13235/04-05 ಹೊಸಪೇಟೆ ಉಪ ನೋಂದಣಾಧಿಕಾರಿಗಳ ಕಚೇರಿ ಸಂಖ್ಯೆ ಕೆ ಪಿ ಪುಟಗಳು. ದೂರು ಸಂಖ್ಯೆ ಠಾಣಾ ಡಿಪಿ ನಂ.730/2024 ನಮೂದಿಸಲಾಗಿದೆ.
ಹೊಸಪೇಟೆ ಗೃಹ ನಿರ್ಮಾಣ
ಸಹಕಾರ ಸಂಘ ನಿಯಮಿತ
ನೋಂ.ನಂ.63.ಸಹಕಾರಿ ಕಲ್ಯಾಣ ಮಂಟಪ ಎಸ್.ಆರ್.ನಗರ ಹೊಸಪೇಟೆ
ಮಹಾಸಭೆ ಪ್ರಕಟಣೆ
ಹೊಸಪೇಟೆ ಗೃಹ ನಿರ್ಮಾಣ ಸಹಕಾರ ಸಂಘದ ವಾರ್ಷಿಕ ಮಹಾಸಭೆಯು ದಿ.19-09-2024 ರಂದು ಗುರುವಾರ ಬೆಳಗ್ಗೆ 11-30 ಗಂಟೆಗೆ ಸಂಘದ ಕಟ್ಟಡದಲ್ಲಿ ಶ್ರೀಗೊಗ್ಗ ವಿಶ್ವನಾಥರವರ ಅಧ್ಯಕ್ಷತೆಯಲ್ಲಿ ಸಂಘದ ಸಭಾಂಗಣದಲ್ಲಿ ಸರ್ವ ಸದಸ್ಯರ ಸಭೆಯನ್ನು ಕರೆಯಲಾಗಿದೆ. ಕಾರಣ ಸಂಘದ ಸರ್ವ ಸದಸ್ಯರು ತಪ್ಪದೇ ಹಾಜರಾಗಬೇಕಾಗಿ ವಿನಂತಿ.
ಸೂಚನೆ: ಎಲ್ಲಾ ಸದಸ್ಯರಿಗೆ ಕಳುಹಿಸಿದ ಸಭೆಯ ತಿಳುವಳಿಕೆ ಪತ್ರ ತಲುಪದೇ ಇದ್ದಲ್ಲಿ ಇದೇ ಪ್ರಕಟಣೆಯನ್ನು ಸಭೆಯ ತಿಳುವಳಿಕೆ ಎಂದು ಪರಿಗಣಿಸಬೇಕು. ಮತ್ತು ಸಭೆಗೆ ಹಾಜರಾಗಲು ವಿನಂತಿ.
ಸಹಿ/-
ಶ್ರೀ ಗೊಗ್ಗ ವಿಶ್ವನಾಥ
ಅಧ್ಯಕ್ಷರು.
ಸಹಿ/-
ಶ್ರೀ ಪಟಗೆ ಸತ್ಯನಾರಾಯಣ
ಕಾರ್ಯದರ್ಶಿ
OWNER, PUBLISHER & PRINTER K. M. REKHA PUBLISHED AT HOSPET TIMES, APOORVA OFFSET PRINTERS, SACHIDANAND LANE, MAIN BAZAR, HOSAPETE, BALLARI & PRINTED AT APOORVA OFFSET PRINTERS,
SACHIDANAND LANE, MAIN BAZAR, HOSAPETE, BALLARI, EDITOR K. M. REKHA. EMAIL : hospettimes@gmail.com, Mob No 94484 41484.
